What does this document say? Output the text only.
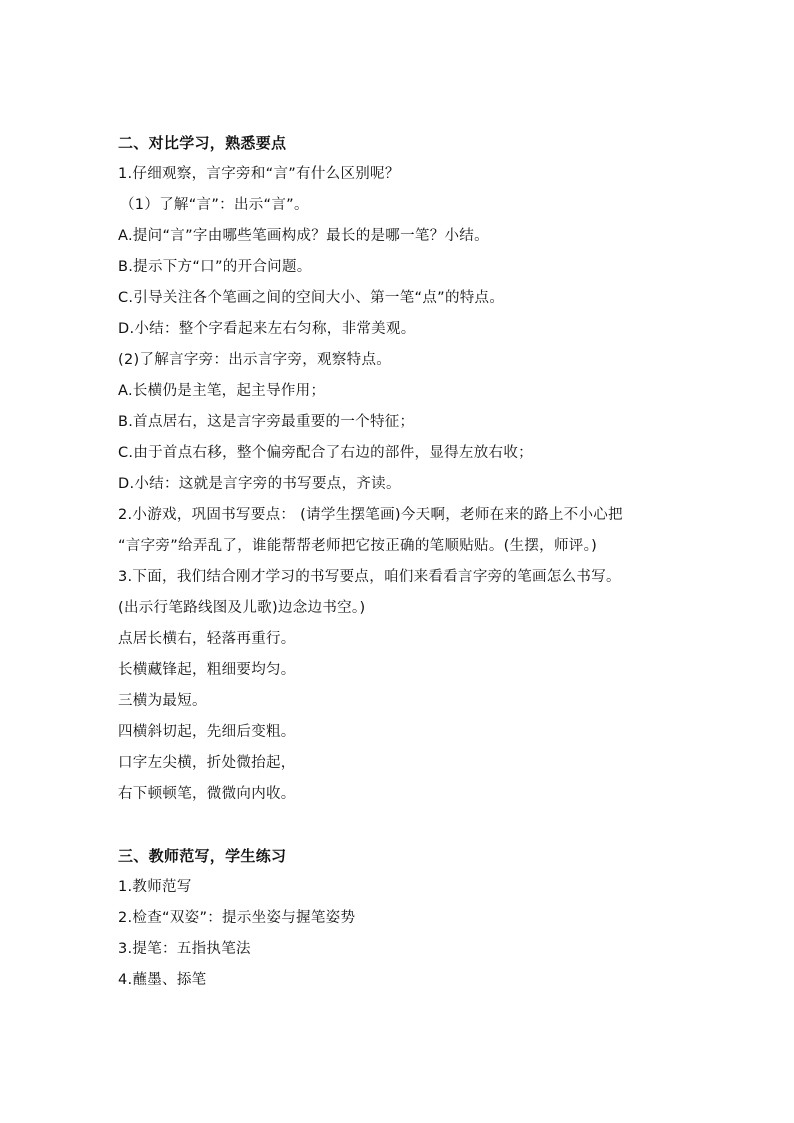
二、对比学习，熟悉要点
1.仔细观察，言字旁和“言”有什么区别呢？
（1）了解“言”：出示“言”。
A.提问“言”字由哪些笔画构成？最长的是哪一笔？小结。
B.提示下方“口”的开合问题。
C.引导关注各个笔画之间的空间大小、第一笔“点”的特点。
D.小结：整个字看起来左右匀称，非常美观。
(2)了解言字旁：出示言字旁，观察特点。
A.长横仍是主笔，起主导作用；
B.首点居右，这是言字旁最重要的一个特征；
C.由于首点右移，整个偏旁配合了右边的部件，显得左放右收；
D.小结：这就是言字旁的书写要点，齐读。
2.小游戏，巩固书写要点： (请学生摆笔画)今天啊，老师在来的路上不小心把
“言字旁”给弄乱了，谁能帮帮老师把它按正确的笔顺贴贴。(生摆，师评。)
3.下面，我们结合刚才学习的书写要点，咱们来看看言字旁的笔画怎么书写。
(出示行笔路线图及儿歌)边念边书空。)
点居长横右，轻落再重行。
长横藏锋起，粗细要均匀。
三横为最短。
四横斜切起，先细后变粗。
口字左尖横，折处微抬起，
右下顿顿笔，微微向内收。
三、教师范写，学生练习
1.教师范写
2.检查“双姿”：提示坐姿与握笔姿势
3.提笔：五指执笔法
4.蘸墨、掭笔
